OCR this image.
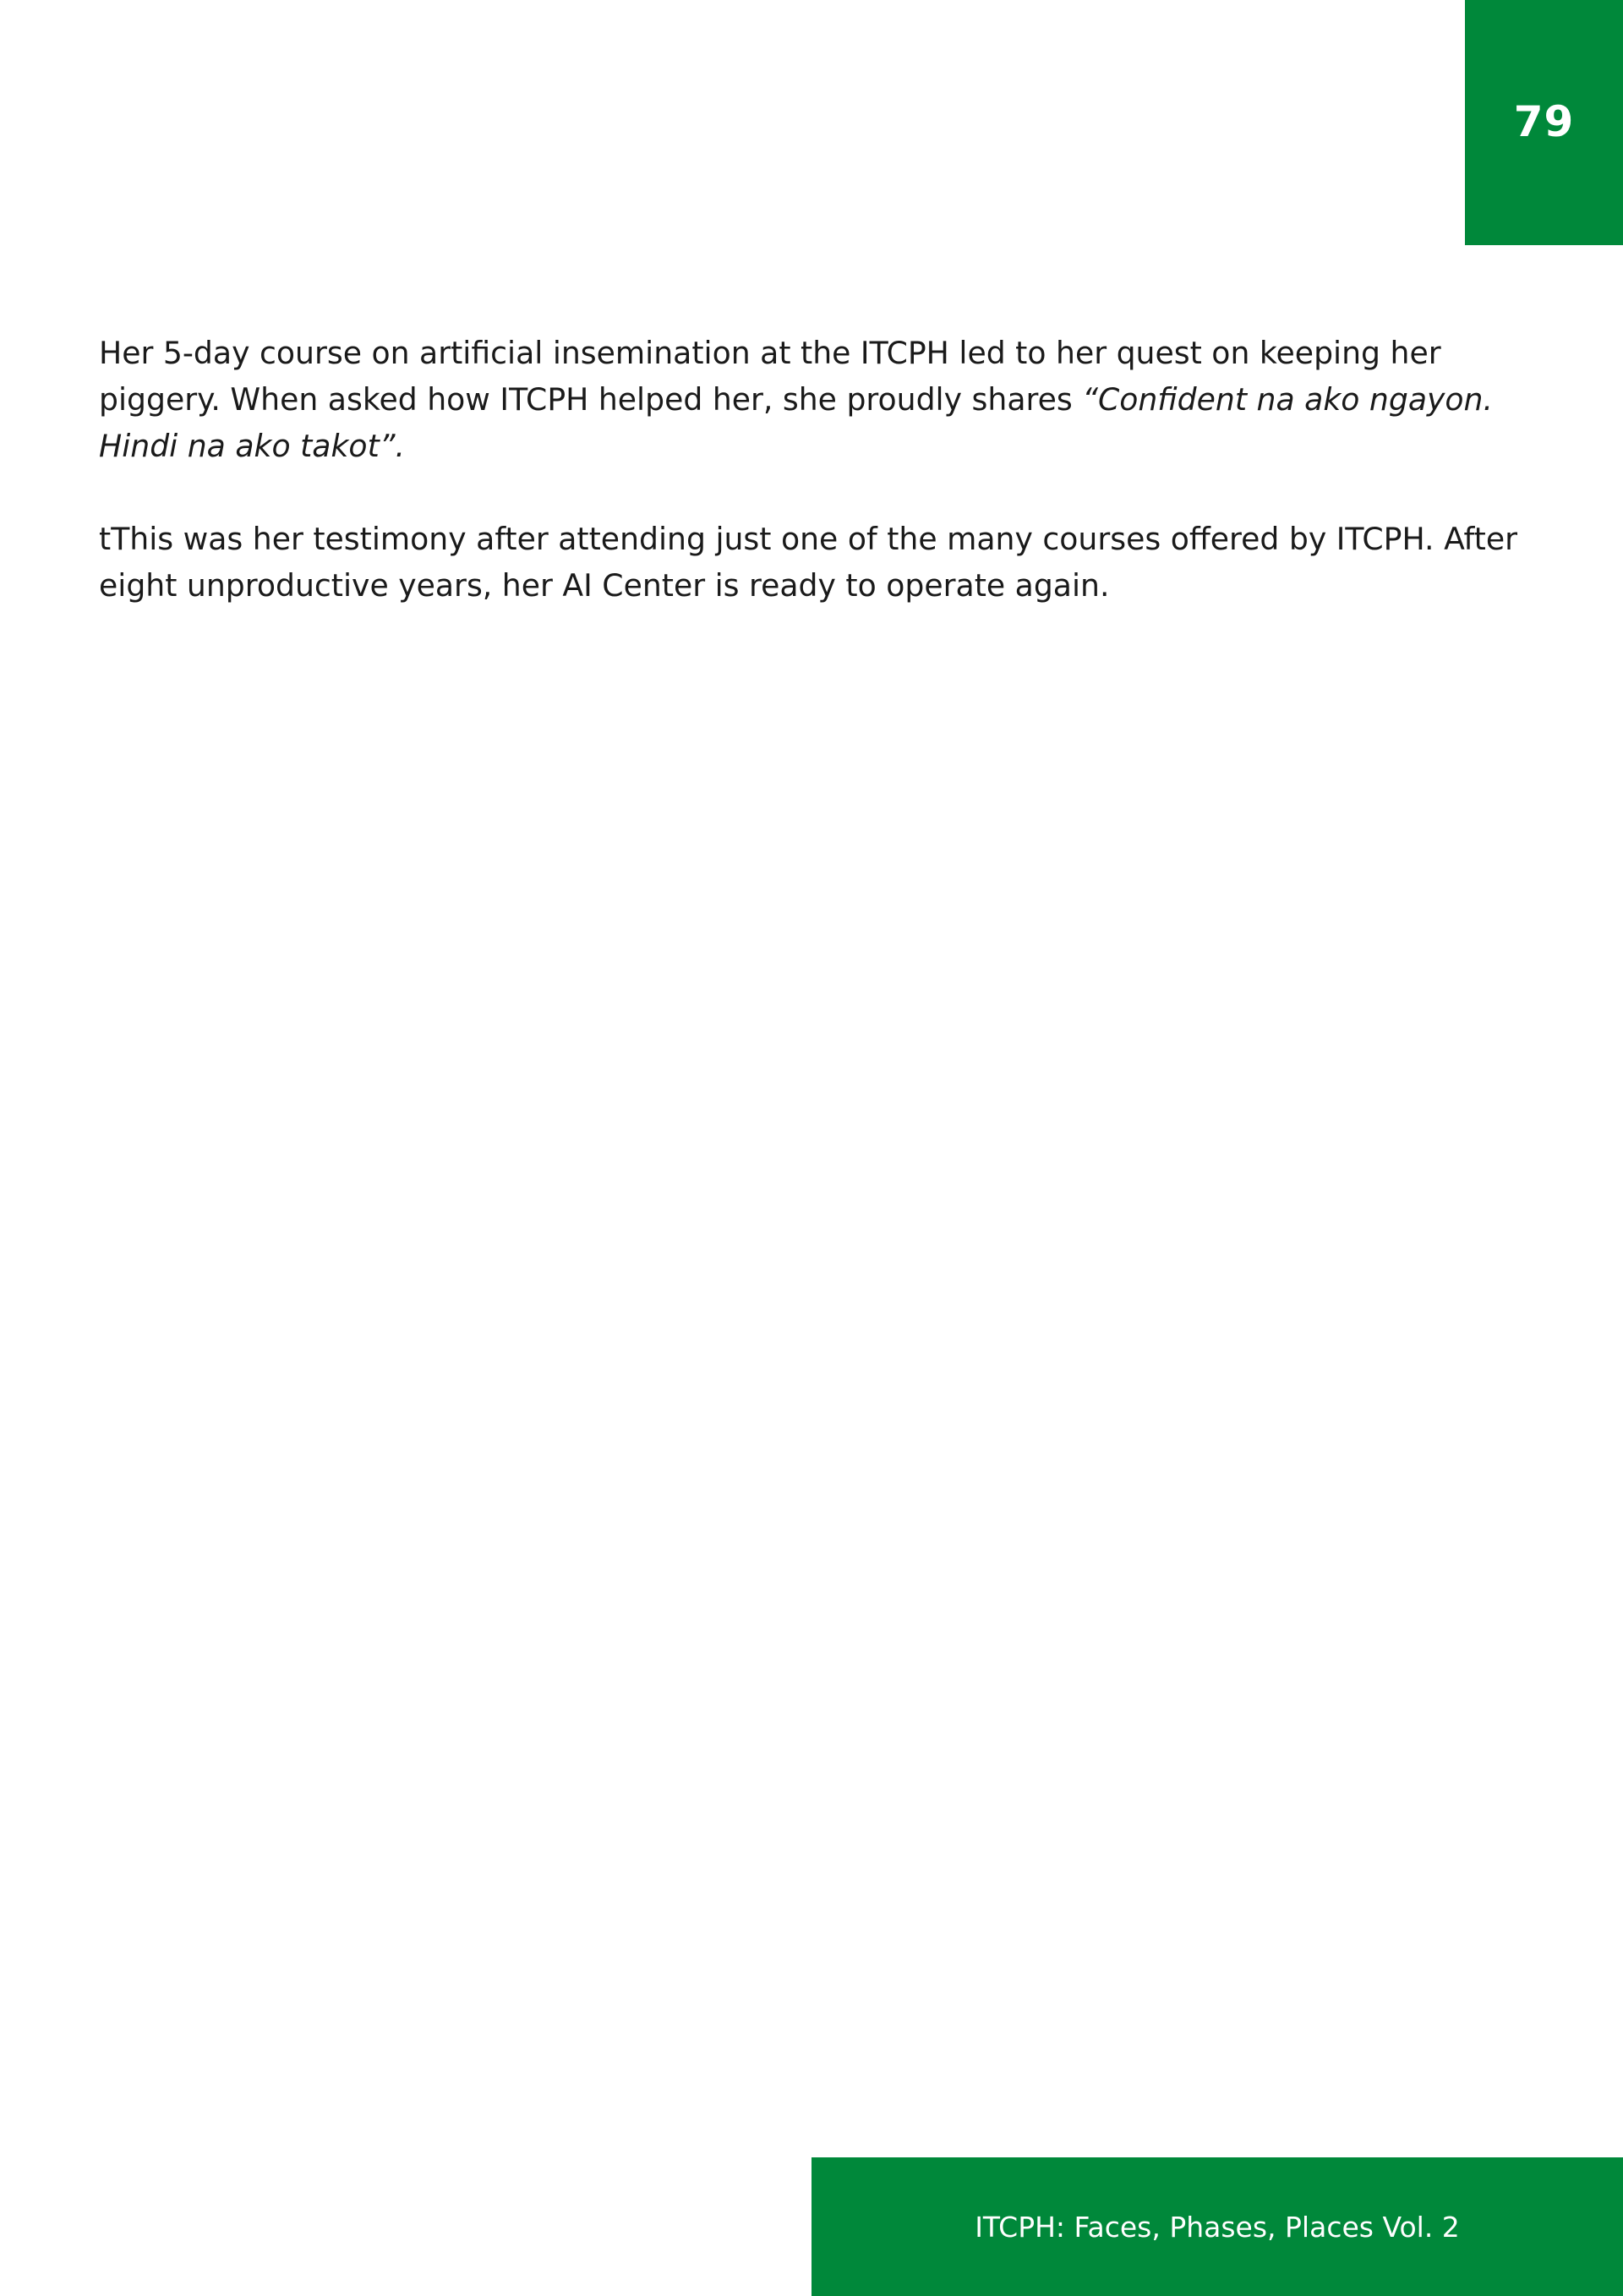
79

Her 5-day course on artificial insemination at the ITCPH led to her quest on keeping her piggery. When asked how ITCPH helped her, she proudly shares “Confident na ako ngayon. Hindi na ako takot”.

tThis was her testimony after attending just one of the many courses offered by ITCPH. After eight unproductive years, her AI Center is ready to operate again.

ITCPH: Faces, Phases, Places Vol. 2
